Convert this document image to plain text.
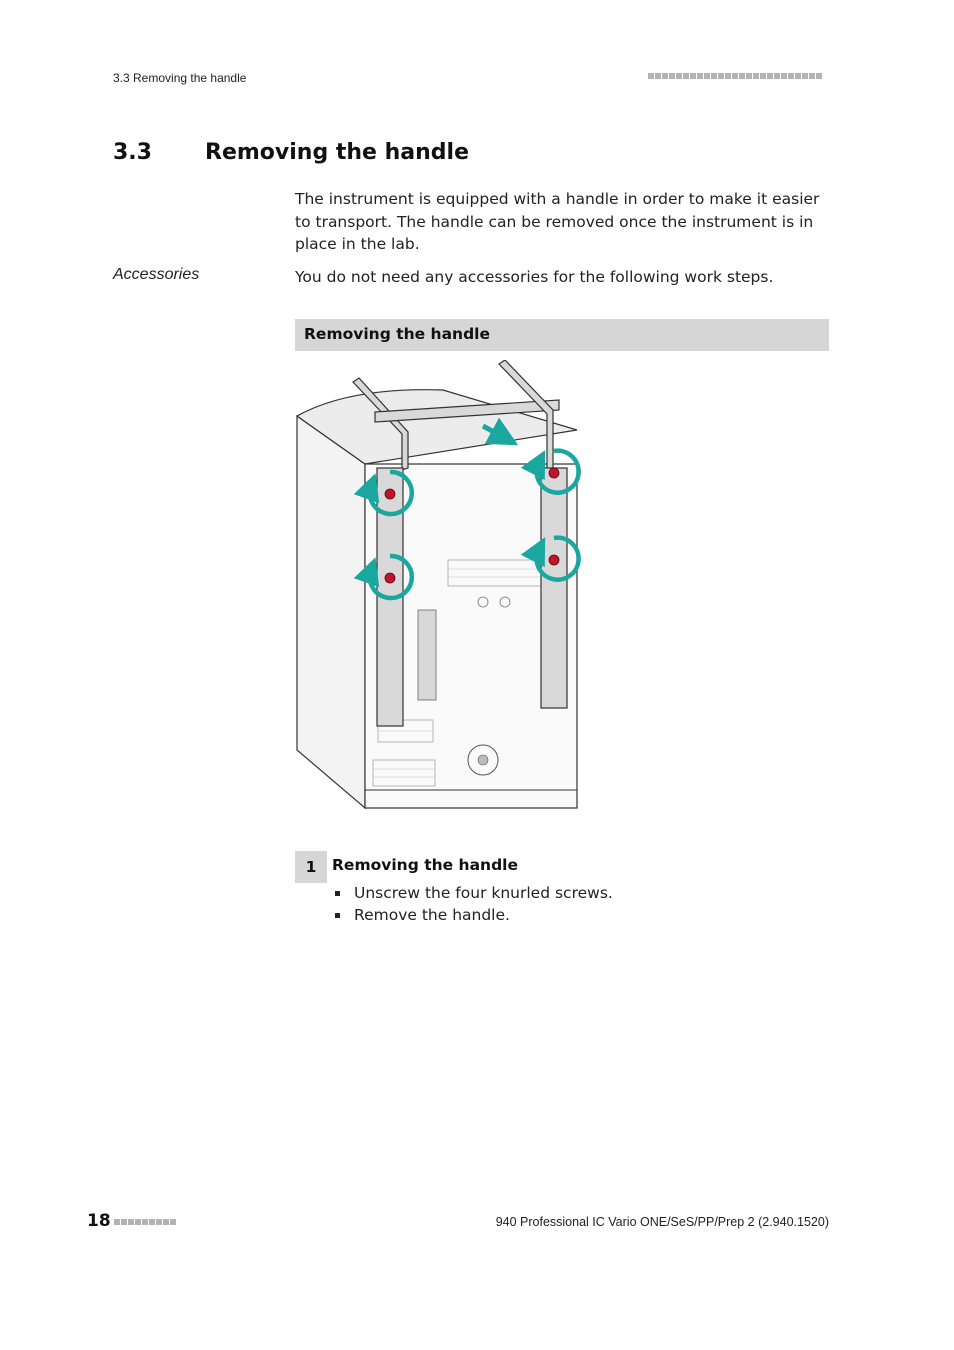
3.3 Removing the handle
3.3 Removing the handle

The instrument is equipped with a handle in order to make it easier to transport. The handle can be removed once the instrument is in place in the lab.

Accessories	You do not need any accessories for the following work steps.

Removing the handle
1	Removing the handle
Unscrew the four knurled screws.
Remove the handle.
18	940 Professional IC Vario ONE/SeS/PP/Prep 2 (2.940.1520)
